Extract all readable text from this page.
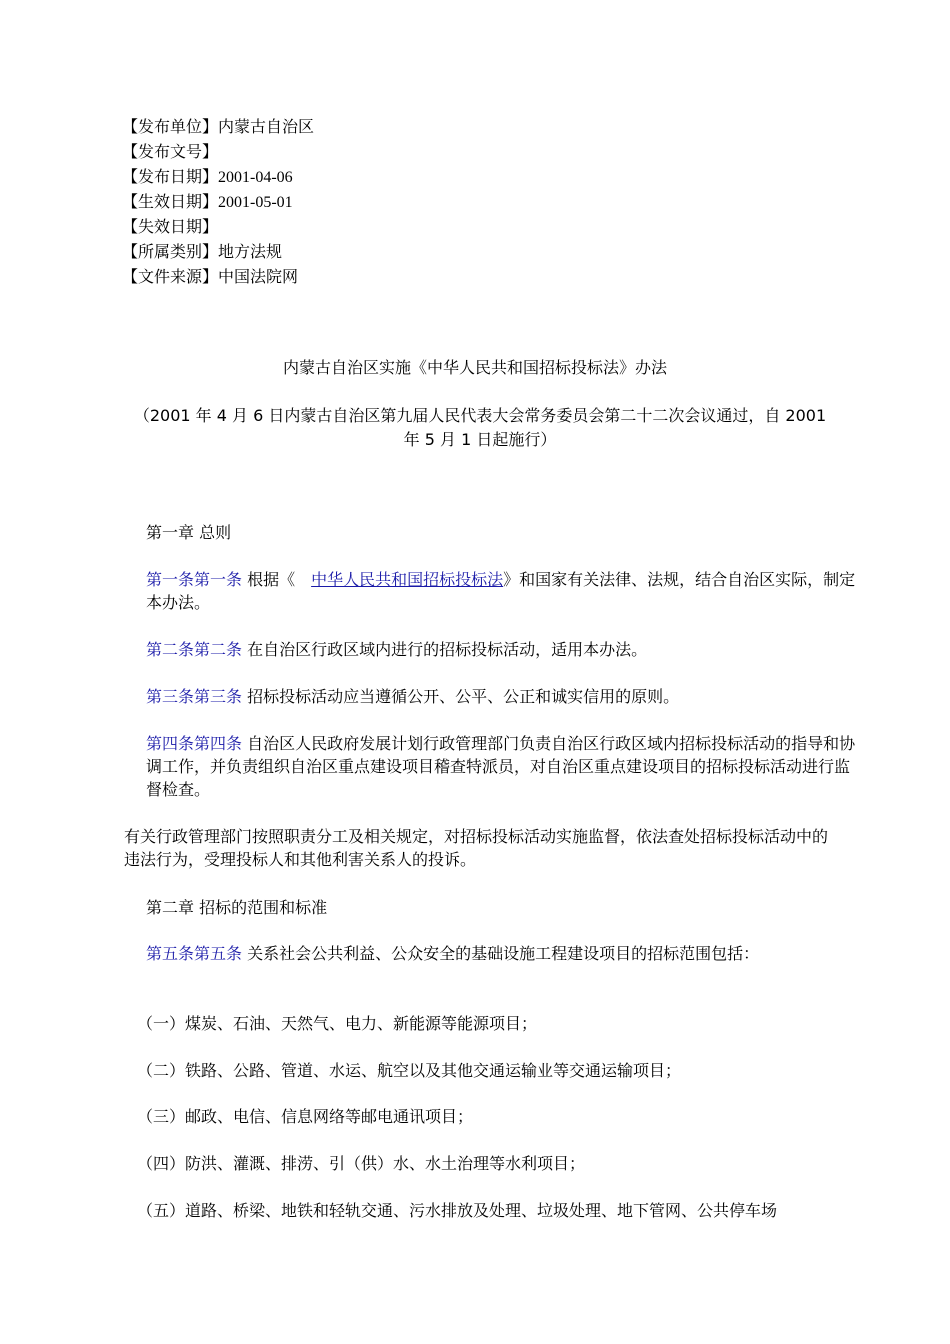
【发布单位】内蒙古自治区
【发布文号】
【发布日期】2001-04-06
【生效日期】2001-05-01
【失效日期】
【所属类别】地方法规
【文件来源】中国法院网
内蒙古自治区实施《中华人民共和国招标投标法》办法
（2001 年 4 月 6 日内蒙古自治区第九届人民代表大会常务委员会第二十二次会议通过，自 2001 年 5 月 1 日起施行）
第一章 总则
第一条第一条 根据《　中华人民共和国招标投标法》和国家有关法律、法规，结合自治区实际，制定本办法。
第二条第二条 在自治区行政区域内进行的招标投标活动，适用本办法。
第三条第三条 招标投标活动应当遵循公开、公平、公正和诚实信用的原则。
第四条第四条 自治区人民政府发展计划行政管理部门负责自治区行政区域内招标投标活动的指导和协调工作，并负责组织自治区重点建设项目稽查特派员，对自治区重点建设项目的招标投标活动进行监督检查。
有关行政管理部门按照职责分工及相关规定，对招标投标活动实施监督，依法查处招标投标活动中的违法行为，受理投标人和其他利害关系人的投诉。
第二章 招标的范围和标准
第五条第五条 关系社会公共利益、公众安全的基础设施工程建设项目的招标范围包括：
（一）煤炭、石油、天然气、电力、新能源等能源项目；
（二）铁路、公路、管道、水运、航空以及其他交通运输业等交通运输项目；
（三）邮政、电信、信息网络等邮电通讯项目；
（四）防洪、灌溉、排涝、引（供）水、水土治理等水利项目；
（五）道路、桥梁、地铁和轻轨交通、污水排放及处理、垃圾处理、地下管网、公共停车场
